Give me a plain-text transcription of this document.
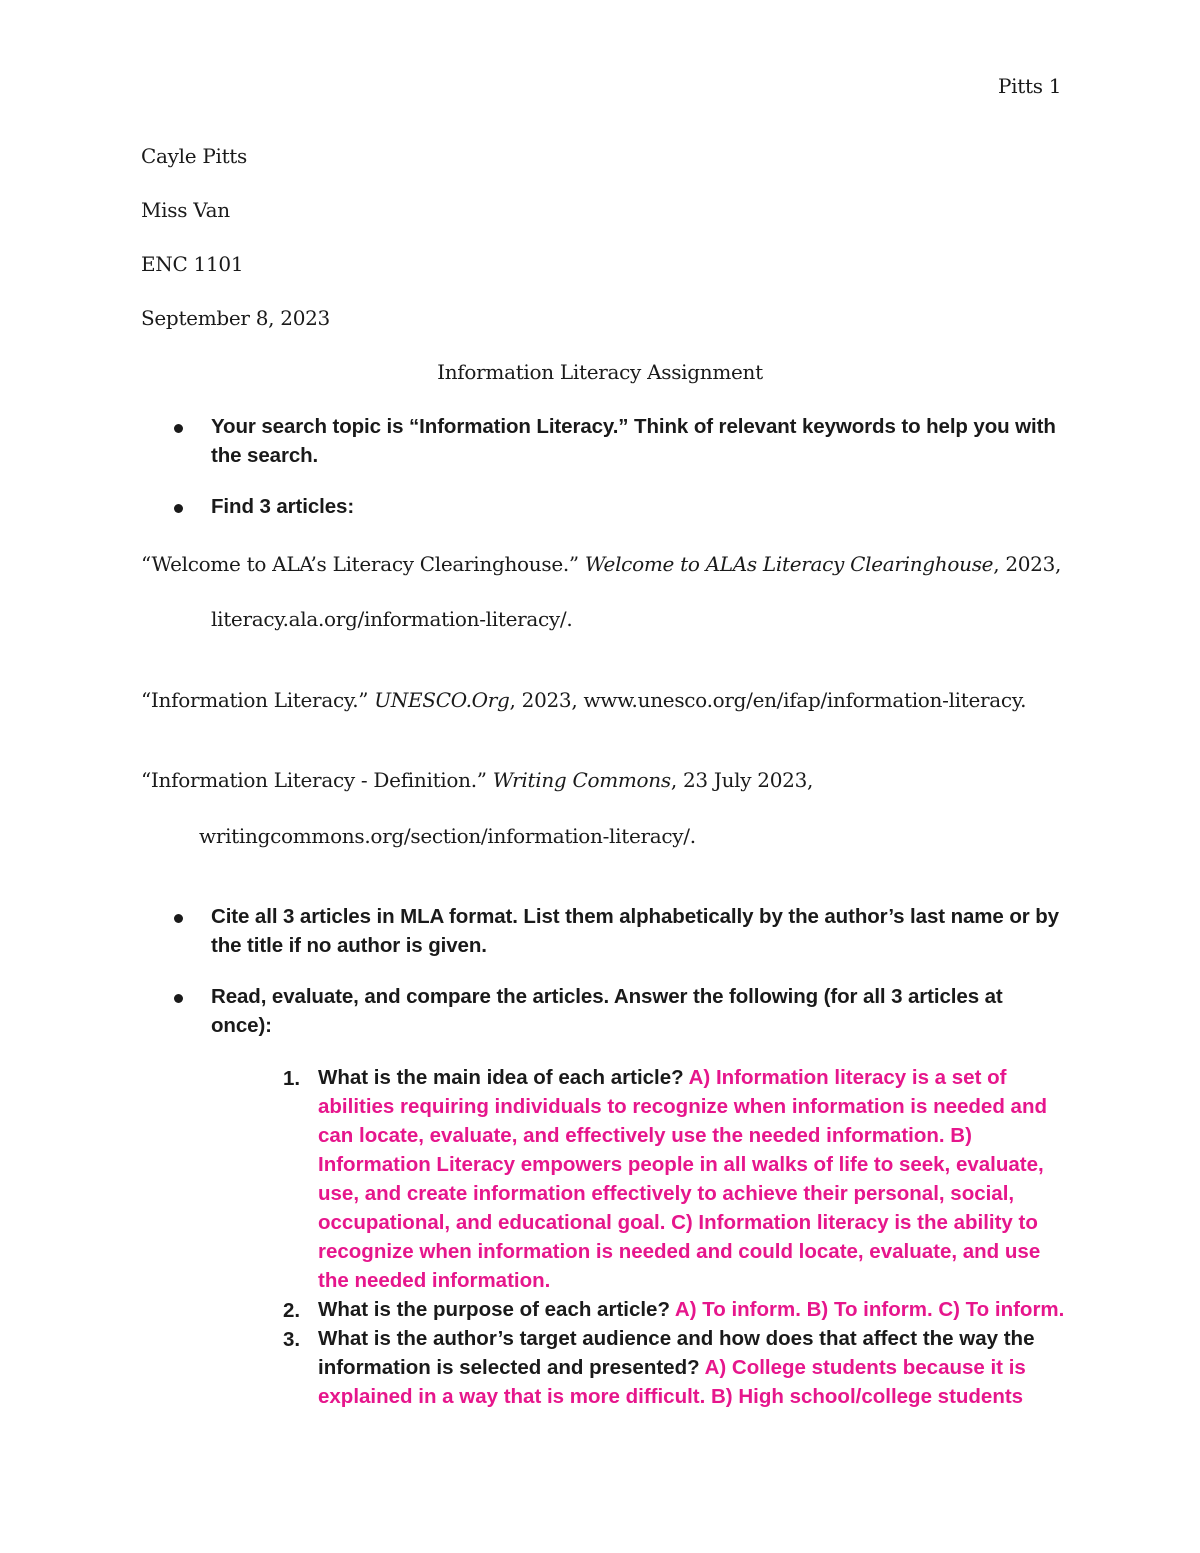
Pitts 1

Cayle Pitts

Miss Van

ENC 1101

September 8, 2023

Information Literacy Assignment

Your search topic is “Information Literacy.” Think of relevant keywords to help you with

the search.

Find 3 articles:

“Welcome to ALA’s Literacy Clearinghouse.” Welcome to ALAs Literacy Clearinghouse, 2023,

literacy.ala.org/information-literacy/.

“Information Literacy.” UNESCO.Org, 2023, www.unesco.org/en/ifap/information-literacy.

“Information Literacy - Definition.” Writing Commons, 23 July 2023,

writingcommons.org/section/information-literacy/.

Cite all 3 articles in MLA format. List them alphabetically by the author’s last name or by

the title if no author is given.

Read, evaluate, and compare the articles. Answer the following (for all 3 articles at

once):

1. What is the main idea of each article? A) Information literacy is a set of abilities requiring individuals to recognize when information is needed and can locate, evaluate, and effectively use the needed information. B) Information Literacy empowers people in all walks of life to seek, evaluate, use, and create information effectively to achieve their personal, social, occupational, and educational goal. C) Information literacy is the ability to recognize when information is needed and could locate, evaluate, and use the needed information.

2. What is the purpose of each article? A) To inform. B) To inform. C) To inform.

3. What is the author’s target audience and how does that affect the way the information is selected and presented? A) College students because it is explained in a way that is more difficult. B) High school/college students
